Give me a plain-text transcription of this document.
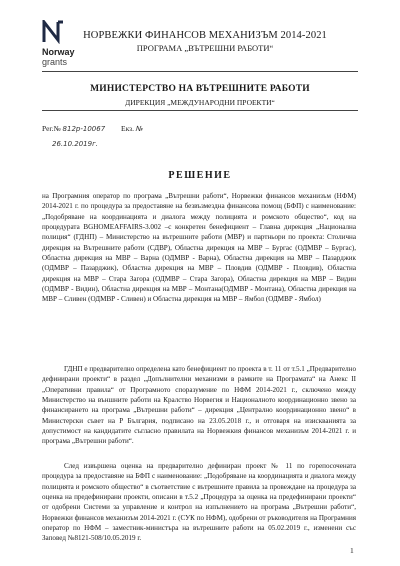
Norway
grants
НОРВЕЖКИ ФИНАНСОВ МЕХАНИЗЪМ 2014-2021
ПРОГРАМА „ВЪТРЕШНИ РАБОТИ“
МИНИСТЕРСТВО НА ВЪТРЕШНИТЕ РАБОТИ
ДИРЕКЦИЯ „МЕЖДУНАРОДНИ ПРОЕКТИ“
Рег.№ 812р-10067 Екз. №
26.10.2019г.
РЕШЕНИЕ
на Програмния оператор по програма „Вътрешни работи“, Норвежки финансов механизъм (НФМ) 2014-2021 г. по процедура за предоставяне на безвъзмездна финансова помощ (БФП) с наименование: „Подобряване на координацията и диалога между полицията и ромското общество“, код на процедурата BGHOMEAFFAIRS-3.002 –с конкретен бенефициент – Главна дирекция „Национална полиция“ (ГДНП) – Министерство на вътрешните работи (МВР) и партньори по проекта: Столична дирекция на Вътрешните работи (СДВР), Областна дирекция на МВР – Бургас (ОДМВР – Бургас), Областна дирекция на МВР – Варна (ОДМВР - Варна), Областна дирекция на МВР – Пазарджик (ОДМВР – Пазарджик), Областна дирекция на МВР – Пловдив (ОДМВР - Пловдив), Областна дирекция на МВР – Стара Загора (ОДМВР – Стара Загора), Областна дирекция на МВР – Видин (ОДМВР - Видин), Областна дирекция на МВР – Монтана(ОДМВР - Монтана), Областна дирекция на МВР – Сливен (ОДМВР - Сливен) и Областна дирекция на МВР – Ямбол (ОДМВР - Ямбол)
ГДНП е предварително определена като бенефициент по проекта в т. 11 от т.5.1 „Предварително дефинирани проекти“ в раздел „Допълнителни механизми в рамките на Програмата“ на Анекс II „Оперативни правила“ от Програмното споразумение по НФМ 2014-2021 г., сключено между Министерство на външните работи на Кралство Норвегия и Националното координационно звено за финансирането на програма „Вътрешни работи“ – дирекция „Централно координационно звено“ в Министерски съвет на Р България, подписано на 23.05.2018 г., и отговаря на изискванията за допустимост на кандидатите съгласно правилата на Норвежкия финансов механизъм 2014-2021 г. и програма „Вътрешни работи“.
След извършена оценка на предварително дефиниран проект № 11 по горепосочената процедура за предоставяне на БФП с наименование: „Подобряване на координацията и диалога между полицията и ромското общество“ в съответствие с вътрешните правила за провеждане на процедура за оценка на предефинирани проекти, описани в т.5.2 „Процедура за оценка на предефинирани проекти“ от одобрени Системи за управление и контрол на изпълнението на програма „Вътрешни работи“, Норвежки финансов механизъм 2014-2021 г. (СУК по НФМ), одобрени от ръководителя на Програмния оператор по НФМ – заместник-министъра на вътрешните работи на 05.02.2019 г., изменени със Заповед №8121-508/10.05.2019 г.
1
